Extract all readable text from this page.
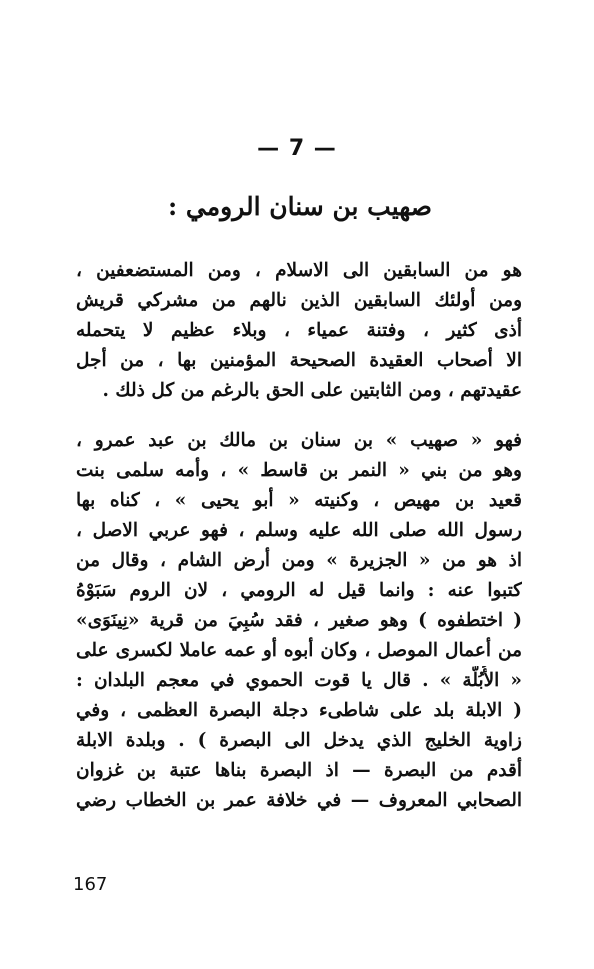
— 7 —
صهيب بن سنان الرومي :
هو من السابقين الى الاسلام ، ومن المستضعفين ،
ومن أولئك السابقين الذين نالهم من مشركي قريش
أذى كثير ، وفتنة عمياء ، وبلاء عظيم لا يتحمله
الا أصحاب العقيدة الصحيحة المؤمنين بها ، من أجل
عقيدتهم ، ومن الثابتين على الحق بالرغم من كل ذلك .
فهو « صهيب » بن سنان بن مالك بن عبد عمرو ،
وهو من بني « النمر بن قاسط » ، وأمه سلمى بنت
قعيد بن مهيص ، وكنيته « أبو يحيى » ، كناه بها
رسول الله صلى الله عليه وسلم ، فهو عربي الاصل ،
اذ هو من « الجزيرة » ومن أرض الشام ، وقال من
كتبوا عنه : وانما قيل له الرومي ، لان الروم سَبَوْهُ
( اختطفوه ) وهو صغير ، فقد سُبِيَ من قرية «نِينَوَى»
من أعمال الموصل ، وكان أبوه أو عمه عاملا لكسرى على
« الأُبُلَّة » . قال يا قوت الحموي في معجم البلدان :
( الابلة بلد على شاطىء دجلة البصرة العظمى ، وفي
زاوية الخليج الذي يدخل الى البصرة ) . وبلدة الابلة
أقدم من البصرة — اذ البصرة بناها عتبة بن غزوان
الصحابي المعروف — في خلافة عمر بن الخطاب رضي
167
